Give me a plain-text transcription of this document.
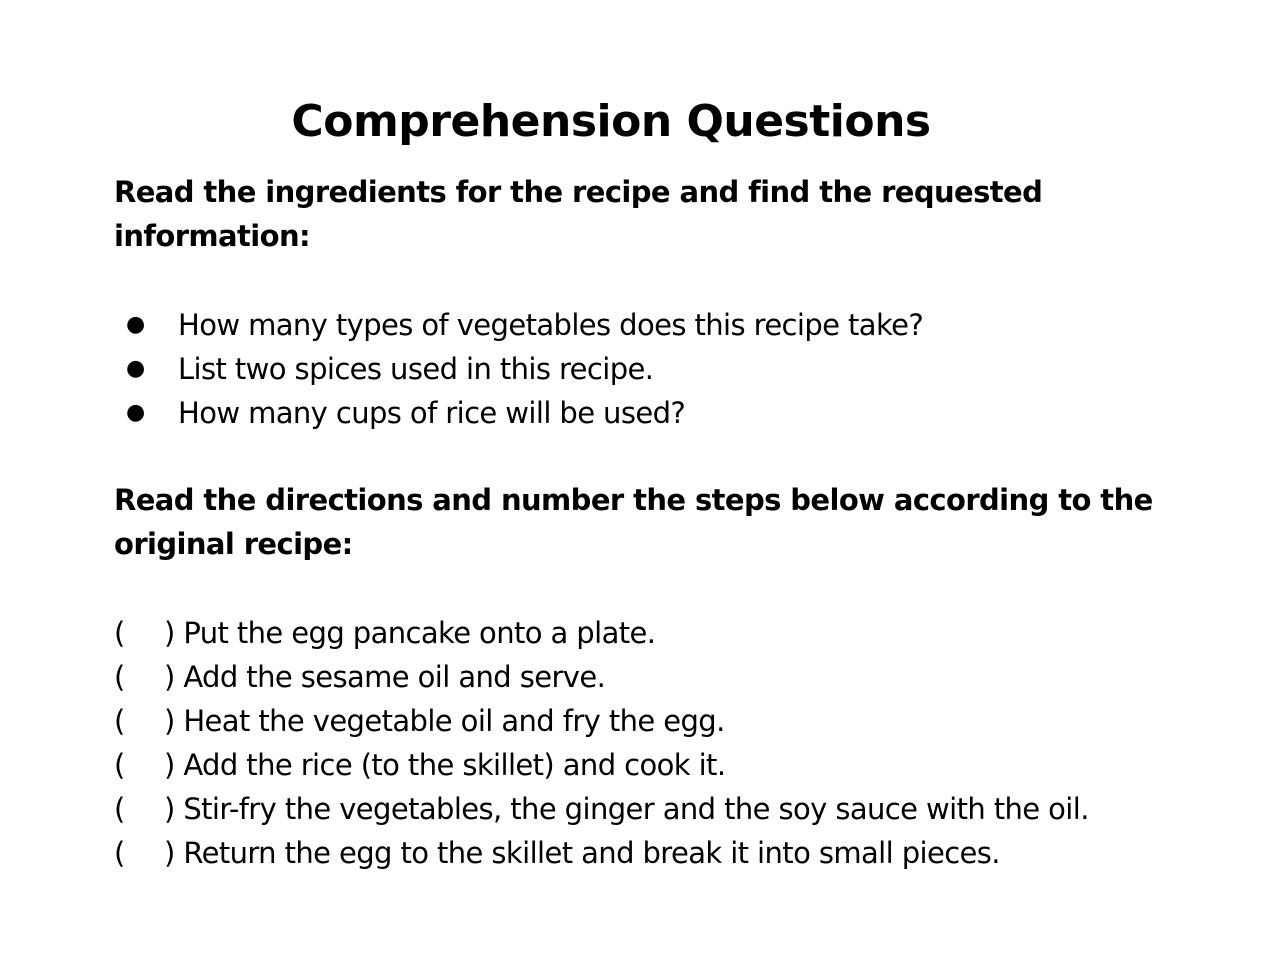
Comprehension Questions

Read the ingredients for the recipe and find the requested information:

● How many types of vegetables does this recipe take?
● List two spices used in this recipe.
● How many cups of rice will be used?

Read the directions and number the steps below according to the original recipe:

( ) Put the egg pancake onto a plate.
( ) Add the sesame oil and serve.
( ) Heat the vegetable oil and fry the egg.
( ) Add the rice (to the skillet) and cook it.
( ) Stir-fry the vegetables, the ginger and the soy sauce with the oil.
( ) Return the egg to the skillet and break it into small pieces.
